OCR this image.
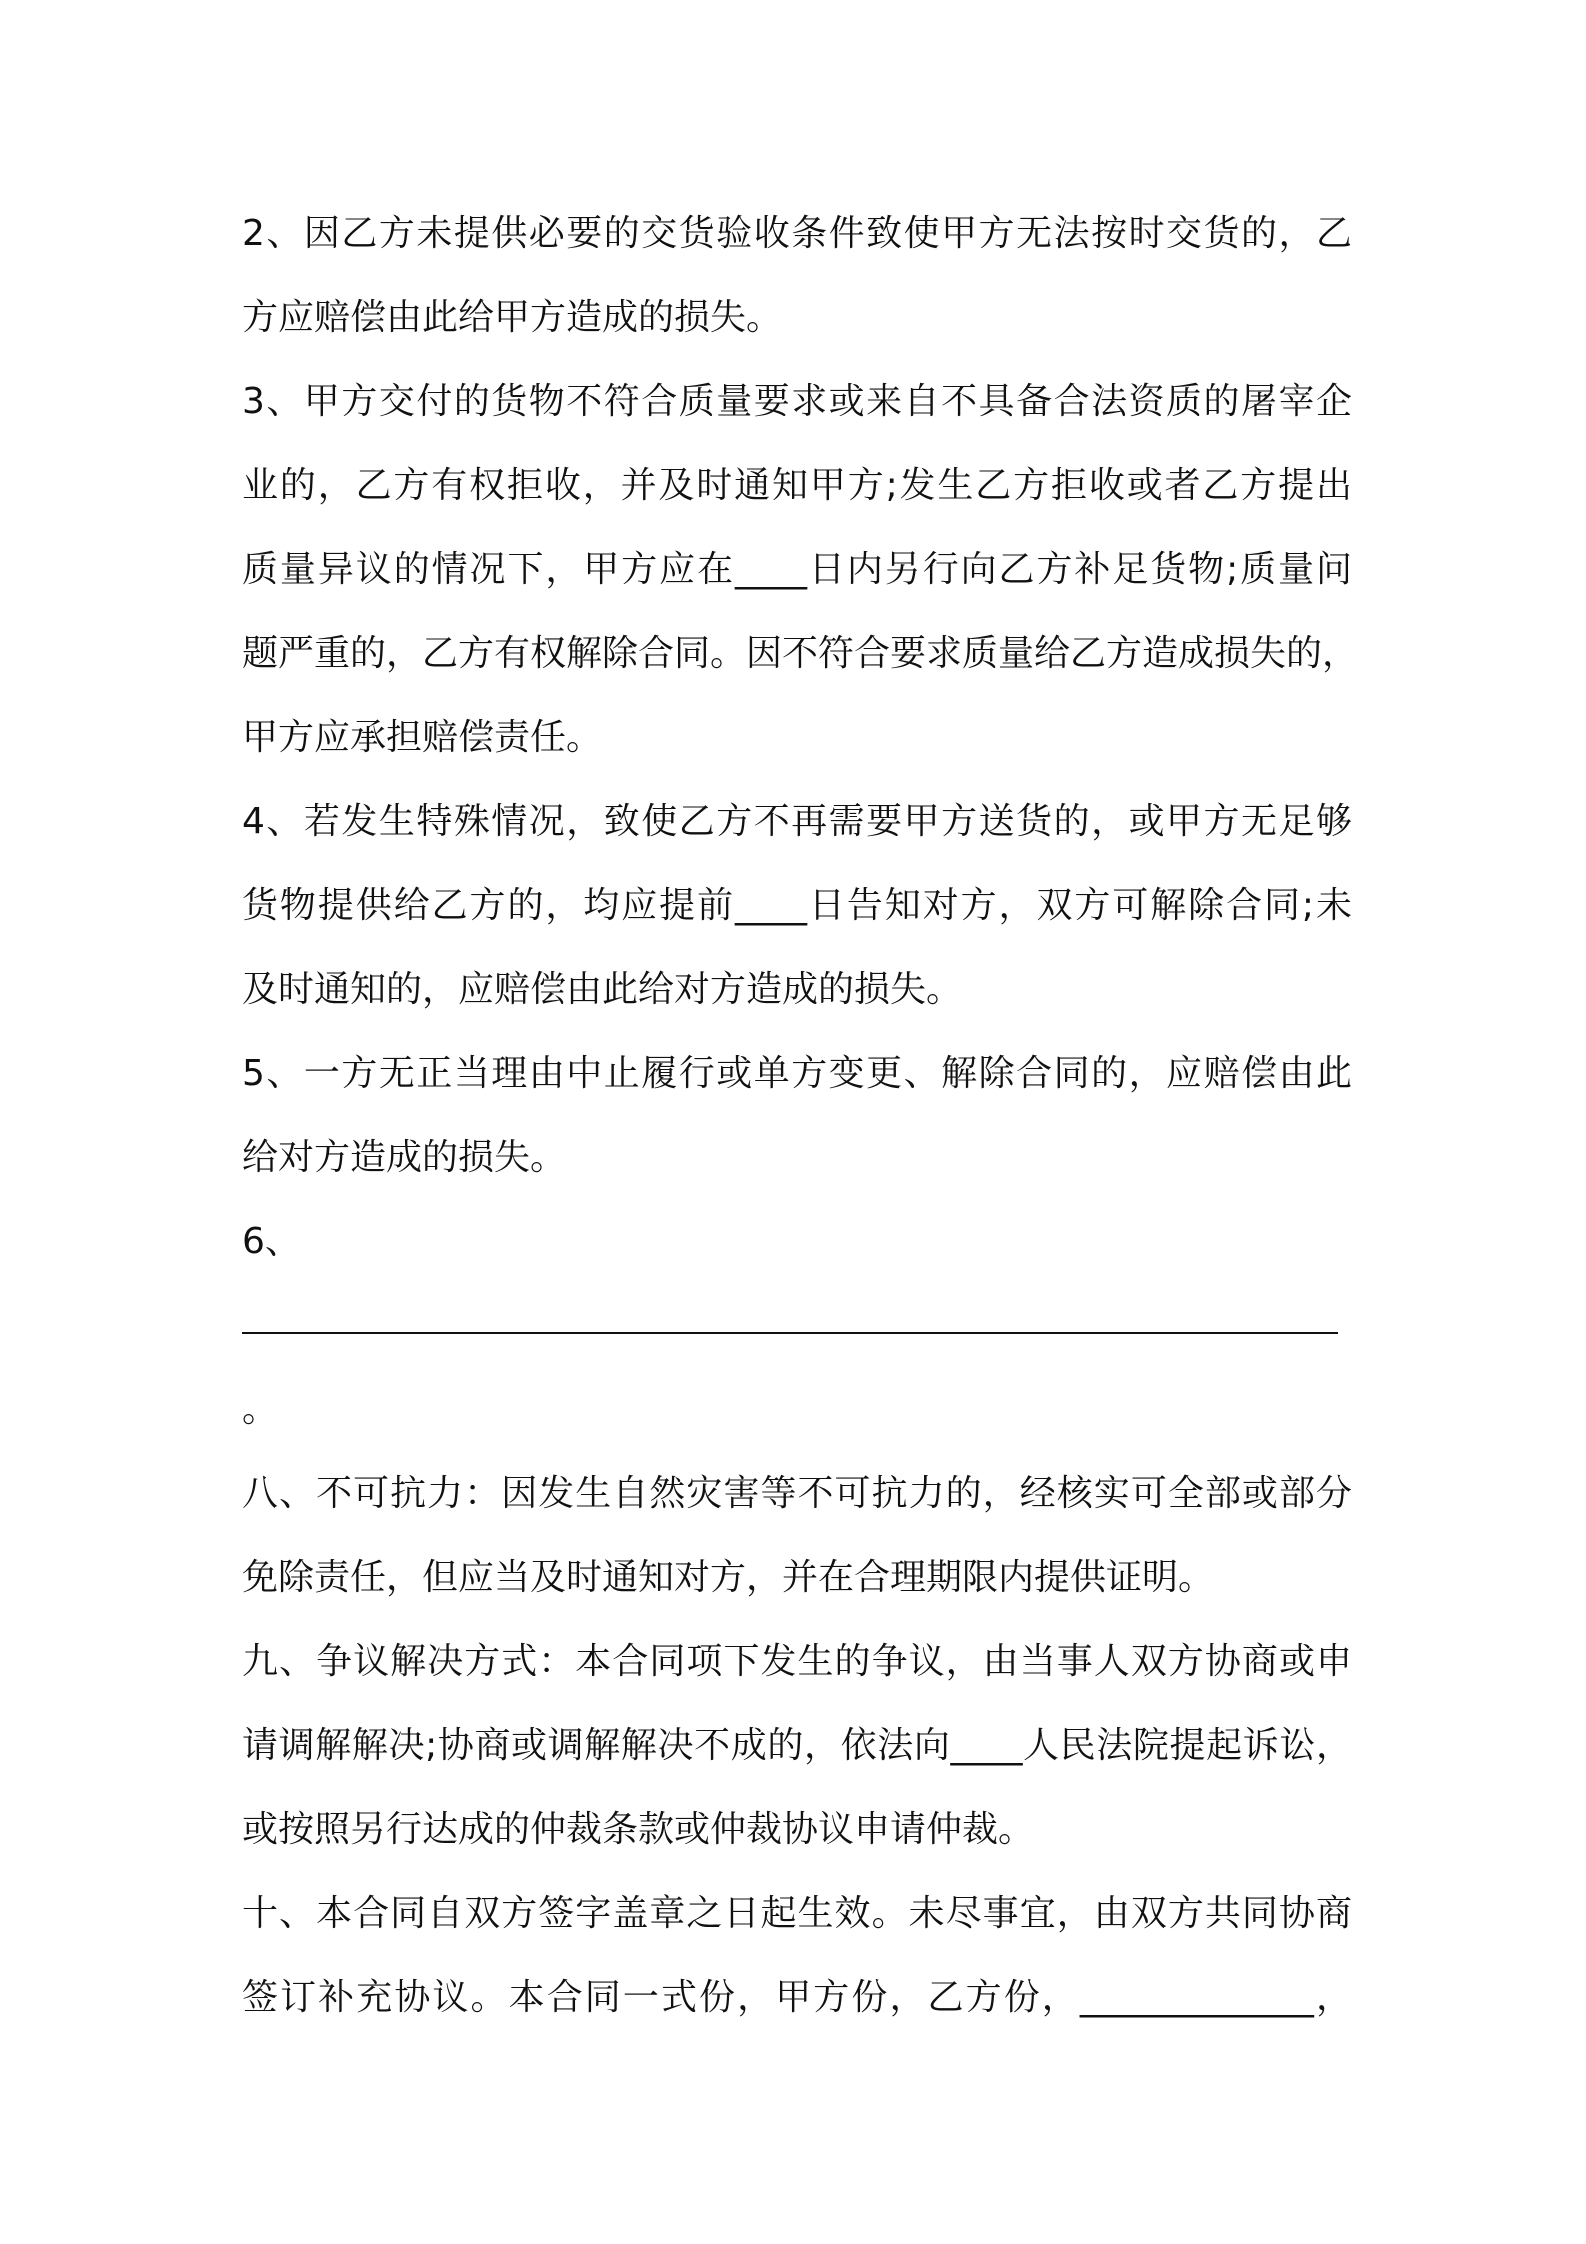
2、因乙方未提供必要的交货验收条件致使甲方无法按时交货的，乙
方应赔偿由此给甲方造成的损失。
3、甲方交付的货物不符合质量要求或来自不具备合法资质的屠宰企
业的，乙方有权拒收，并及时通知甲方;发生乙方拒收或者乙方提出
质量异议的情况下，甲方应在____日内另行向乙方补足货物;质量问
题严重的，乙方有权解除合同。因不符合要求质量给乙方造成损失的，
甲方应承担赔偿责任。
4、若发生特殊情况，致使乙方不再需要甲方送货的，或甲方无足够
货物提供给乙方的，均应提前____日告知对方，双方可解除合同;未
及时通知的，应赔偿由此给对方造成的损失。
5、一方无正当理由中止履行或单方变更、解除合同的，应赔偿由此
给对方造成的损失。
6、
。
八、不可抗力：因发生自然灾害等不可抗力的，经核实可全部或部分
免除责任，但应当及时通知对方，并在合理期限内提供证明。
九、争议解决方式：本合同项下发生的争议，由当事人双方协商或申
请调解解决;协商或调解解决不成的，依法向____人民法院提起诉讼，
或按照另行达成的仲裁条款或仲裁协议申请仲裁。
十、本合同自双方签字盖章之日起生效。未尽事宜，由双方共同协商
签订补充协议。本合同一式份，甲方份，乙方份，_____________，
